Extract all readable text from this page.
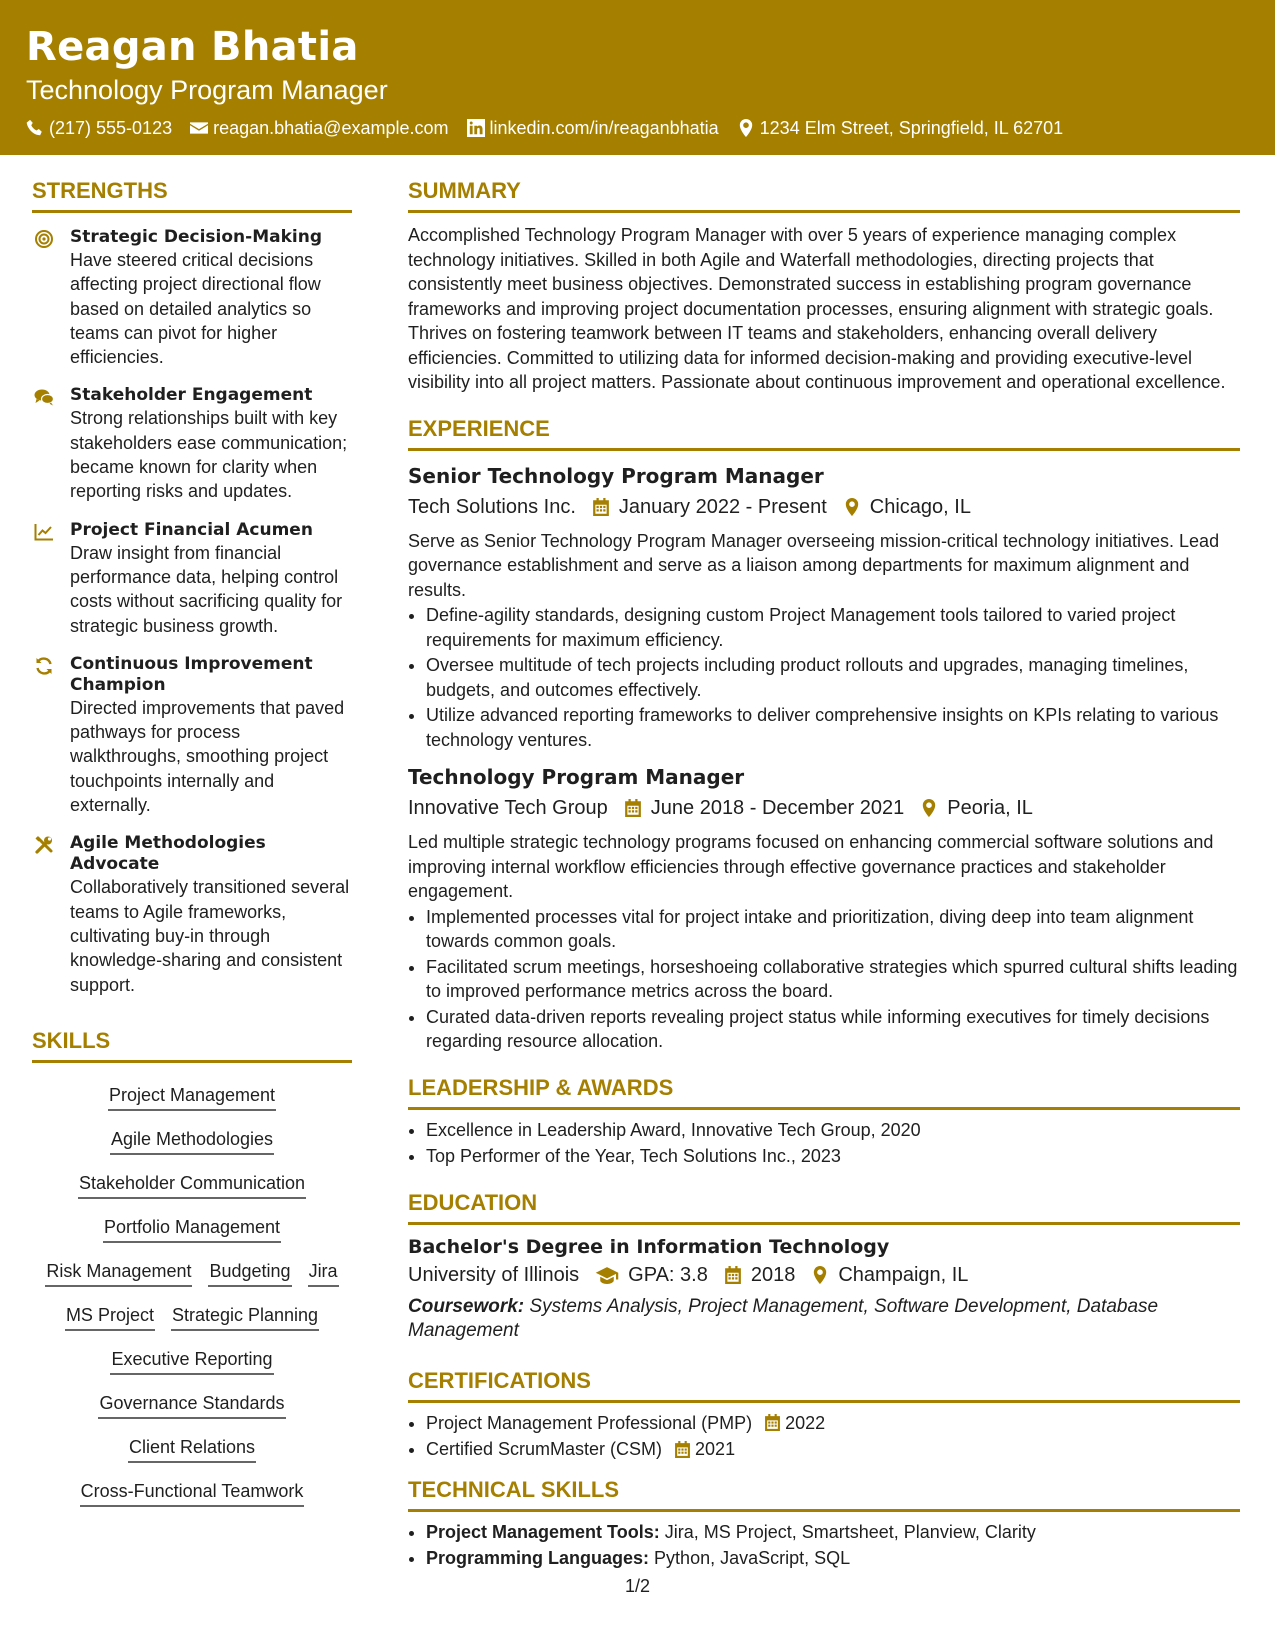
Reagan Bhatia
Technology Program Manager
(217) 555-0123 reagan.bhatia@example.com linkedin.com/in/reaganbhatia 1234 Elm Street, Springfield, IL 62701
STRENGTHS
Strategic Decision-Making
Have steered critical decisions affecting project directional flow based on detailed analytics so teams can pivot for higher efficiencies.
Stakeholder Engagement
Strong relationships built with key stakeholders ease communication; became known for clarity when reporting risks and updates.
Project Financial Acumen
Draw insight from financial performance data, helping control costs without sacrificing quality for strategic business growth.
Continuous Improvement Champion
Directed improvements that paved pathways for process walkthroughs, smoothing project touchpoints internally and externally.
Agile Methodologies Advocate
Collaboratively transitioned several teams to Agile frameworks, cultivating buy-in through knowledge-sharing and consistent support.
SKILLS
Project Management
Agile Methodologies
Stakeholder Communication
Portfolio Management
Risk Management Budgeting Jira
MS Project Strategic Planning
Executive Reporting
Governance Standards
Client Relations
Cross-Functional Teamwork
SUMMARY

Accomplished Technology Program Manager with over 5 years of experience managing complex technology initiatives. Skilled in both Agile and Waterfall methodologies, directing projects that consistently meet business objectives. Demonstrated success in establishing program governance frameworks and improving project documentation processes, ensuring alignment with strategic goals. Thrives on fostering teamwork between IT teams and stakeholders, enhancing overall delivery efficiencies. Committed to utilizing data for informed decision-making and providing executive-level visibility into all project matters. Passionate about continuous improvement and operational excellence.

EXPERIENCE
Senior Technology Program Manager
Tech Solutions Inc. January 2022 - Present Chicago, IL
Serve as Senior Technology Program Manager overseeing mission-critical technology initiatives. Lead governance establishment and serve as a liaison among departments for maximum alignment and results.
• Define-agility standards, designing custom Project Management tools tailored to varied project requirements for maximum efficiency.
• Oversee multitude of tech projects including product rollouts and upgrades, managing timelines, budgets, and outcomes effectively.
• Utilize advanced reporting frameworks to deliver comprehensive insights on KPIs relating to various technology ventures.
Technology Program Manager
Innovative Tech Group June 2018 - December 2021 Peoria, IL
Led multiple strategic technology programs focused on enhancing commercial software solutions and improving internal workflow efficiencies through effective governance practices and stakeholder engagement.
• Implemented processes vital for project intake and prioritization, diving deep into team alignment towards common goals.
• Facilitated scrum meetings, horseshoeing collaborative strategies which spurred cultural shifts leading to improved performance metrics across the board.
• Curated data-driven reports revealing project status while informing executives for timely decisions regarding resource allocation.
LEADERSHIP & AWARDS
• Excellence in Leadership Award, Innovative Tech Group, 2020
• Top Performer of the Year, Tech Solutions Inc., 2023
EDUCATION
Bachelor's Degree in Information Technology
University of Illinois GPA: 3.8 2018 Champaign, IL
Coursework: Systems Analysis, Project Management, Software Development, Database Management
CERTIFICATIONS
• Project Management Professional (PMP) 2022
• Certified ScrumMaster (CSM) 2021
TECHNICAL SKILLS
• Project Management Tools: Jira, MS Project, Smartsheet, Planview, Clarity
• Programming Languages: Python, JavaScript, SQL
1/2
